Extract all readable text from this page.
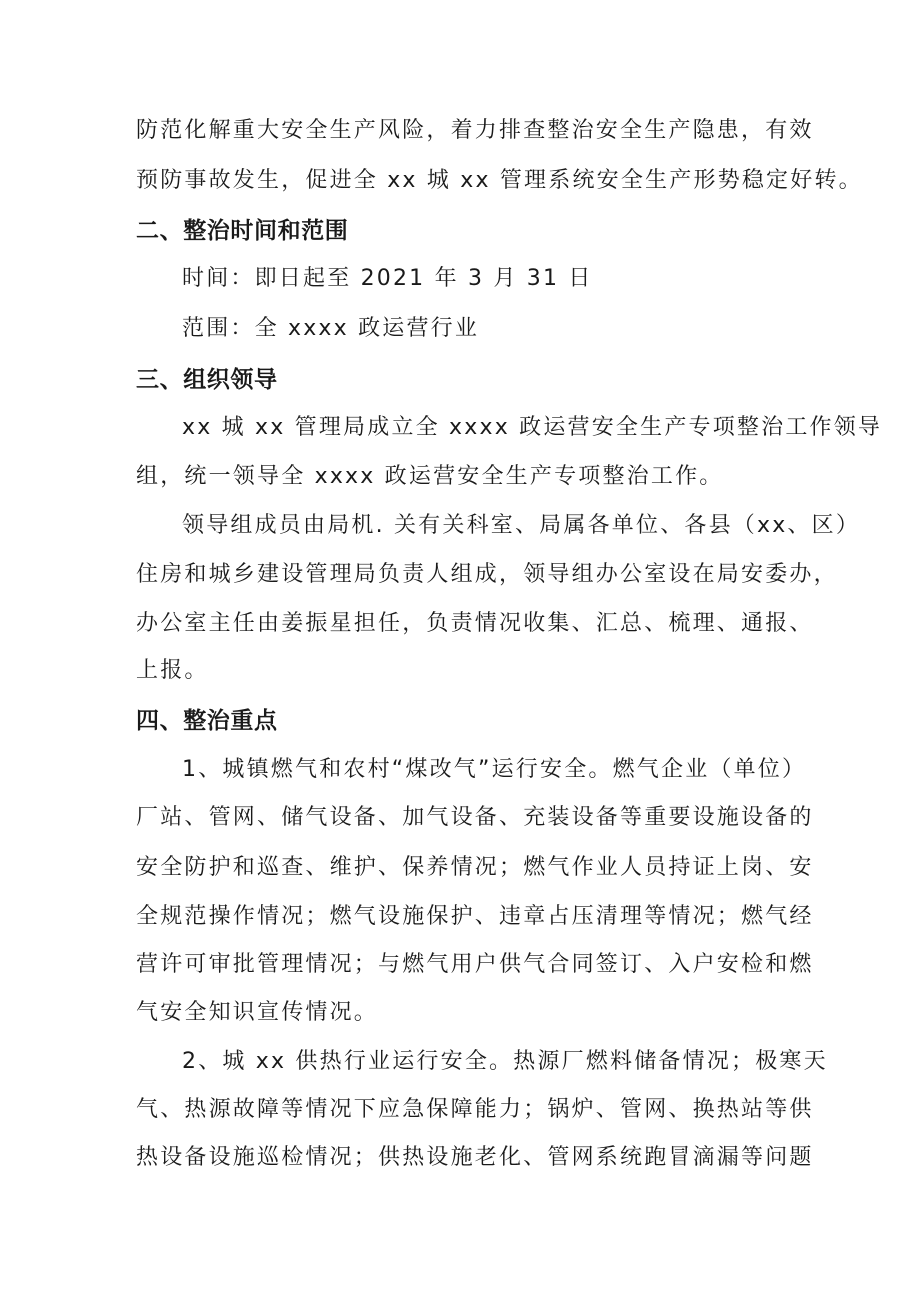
防范化解重大安全生产风险，着力排查整治安全生产隐患，有效
预防事故发生，促进全 xx 城 xx 管理系统安全生产形势稳定好转。
二、整治时间和范围
时间：即日起至 2021 年 3 月 31 日
范围：全 xxxx 政运营行业
三、组织领导
xx 城 xx 管理局成立全 xxxx 政运营安全生产专项整治工作领导
组，统一领导全 xxxx 政运营安全生产专项整治工作。
领导组成员由局机. 关有关科室、局属各单位、各县（xx、区）
住房和城乡建设管理局负责人组成，领导组办公室设在局安委办，
办公室主任由姜振星担任，负责情况收集、汇总、梳理、通报、
上报。
四、整治重点
1、城镇燃气和农村“煤改气”运行安全。燃气企业（单位）
厂站、管网、储气设备、加气设备、充装设备等重要设施设备的
安全防护和巡查、维护、保养情况；燃气作业人员持证上岗、安
全规范操作情况；燃气设施保护、违章占压清理等情况；燃气经
营许可审批管理情况；与燃气用户供气合同签订、入户安检和燃
气安全知识宣传情况。
2、城 xx 供热行业运行安全。热源厂燃料储备情况；极寒天
气、热源故障等情况下应急保障能力；锅炉、管网、换热站等供
热设备设施巡检情况；供热设施老化、管网系统跑冒滴漏等问题
